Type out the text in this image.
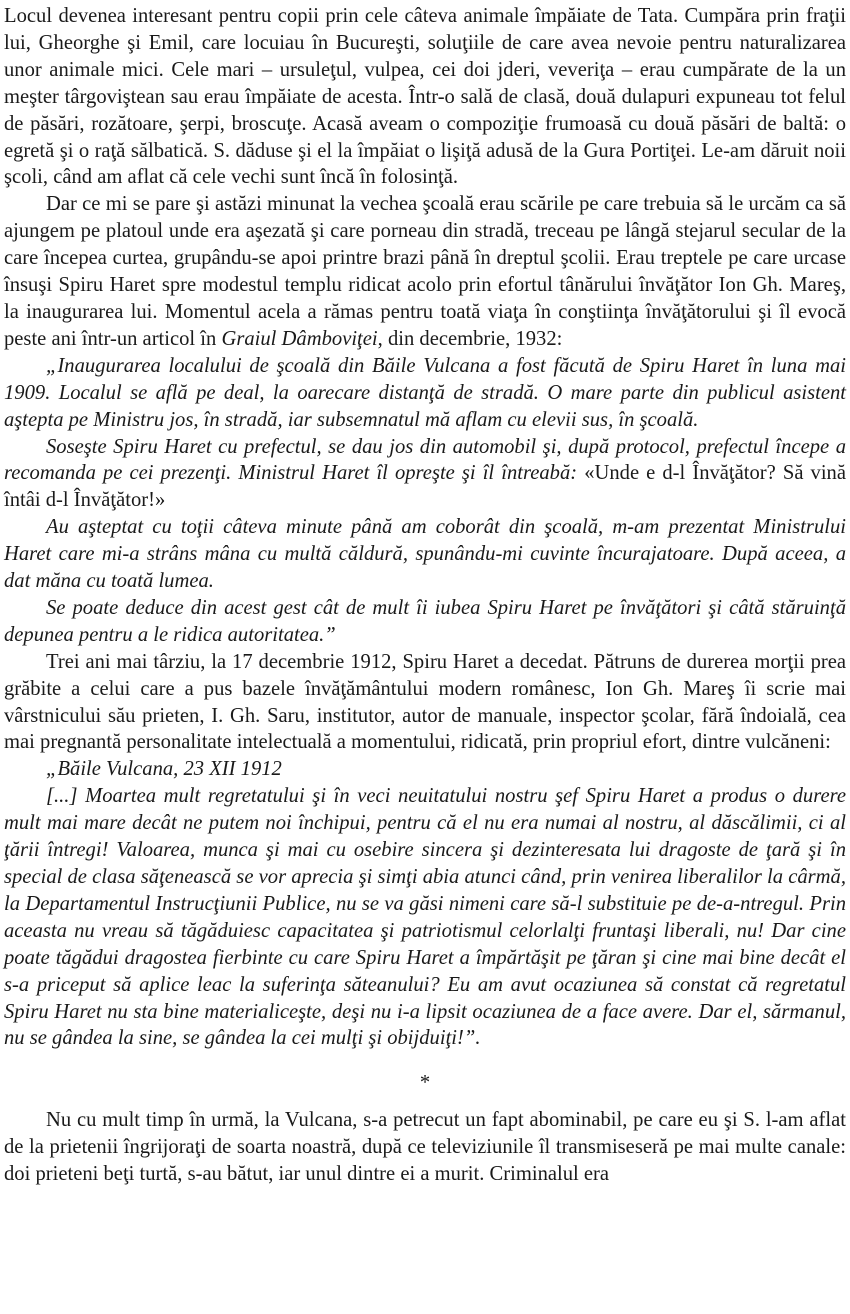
Locul devenea interesant pentru copii prin cele câteva animale împăiate de Tata. Cumpăra prin fraţii lui, Gheorghe şi Emil, care locuiau în Bucureşti, soluţiile de care avea nevoie pentru naturalizarea unor animale mici. Cele mari – ursuleţul, vulpea, cei doi jderi, veveriţa – erau cumpărate de la un meşter târgoviştean sau erau împăiate de acesta. Într-o sală de clasă, două dulapuri expuneau tot felul de păsări, rozătoare, şerpi, broscuţe. Acasă aveam o compoziţie frumoasă cu două păsări de baltă: o egretă şi o raţă sălbatică. S. dăduse şi el la împăiat o lişiţă adusă de la Gura Portiţei. Le-am dăruit noii şcoli, când am aflat că cele vechi sunt încă în folosinţă.

Dar ce mi se pare şi astăzi minunat la vechea şcoală erau scările pe care trebuia să le urcăm ca să ajungem pe platoul unde era aşezată şi care porneau din stradă, treceau pe lângă stejarul secular de la care începea curtea, grupându-se apoi printre brazi până în dreptul şcolii. Erau treptele pe care urcase însuşi Spiru Haret spre modestul templu ridicat acolo prin efortul tânărului învăţător Ion Gh. Mareş, la inaugurarea lui. Momentul acela a rămas pentru toată viaţa în conştiinţa învăţătorului şi îl evocă peste ani într-un articol în Graiul Dâmboviţei, din decembrie, 1932:

„Inaugurarea localului de şcoală din Băile Vulcana a fost făcută de Spiru Haret în luna mai 1909. Localul se află pe deal, la oarecare distanţă de stradă. O mare parte din publicul asistent aştepta pe Ministru jos, în stradă, iar subsemnatul mă aflam cu elevii sus, în şcoală.

Soseşte Spiru Haret cu prefectul, se dau jos din automobil şi, după protocol, prefectul începe a recomanda pe cei prezenţi. Ministrul Haret îl opreşte şi îl întreabă: «Unde e d-l Învăţător? Să vină întâi d-l Învăţător!»

Au aşteptat cu toţii câteva minute până am coborât din şcoală, m-am prezentat Ministrului Haret care mi-a strâns mâna cu multă căldură, spunându-mi cuvinte încurajatoare. După aceea, a dat măna cu toată lumea.

Se poate deduce din acest gest cât de mult îi iubea Spiru Haret pe învăţători şi câtă stăruinţă depunea pentru a le ridica autoritatea.”

Trei ani mai târziu, la 17 decembrie 1912, Spiru Haret a decedat. Pătruns de durerea morţii prea grăbite a celui care a pus bazele învăţământului modern românesc, Ion Gh. Mareş îi scrie mai vârstnicului său prieten, I. Gh. Saru, institutor, autor de manuale, inspector şcolar, fără îndoială, cea mai pregnantă personalitate intelectuală a momentului, ridicată, prin propriul efort, dintre vulcăneni:

„Băile Vulcana, 23 XII 1912

[...] Moartea mult regretatului şi în veci neuitatului nostru şef Spiru Haret a produs o durere mult mai mare decât ne putem noi închipui, pentru că el nu era numai al nostru, al dăscălimii, ci al ţării întregi! Valoarea, munca şi mai cu osebire sincera şi dezinteresata lui dragoste de ţară şi în special de clasa săţenească se vor aprecia şi simţi abia atunci când, prin venirea liberalilor la cârmă, la Departamentul Instrucţiunii Publice, nu se va găsi nimeni care să-l substituie pe de-a-ntregul. Prin aceasta nu vreau să tăgăduiesc capacitatea şi patriotismul celorlalţi fruntaşi liberali, nu! Dar cine poate tăgădui dragostea fierbinte cu care Spiru Haret a împărtăşit pe ţăran şi cine mai bine decât el s-a priceput să aplice leac la suferinţa săteanului? Eu am avut ocaziunea să constat că regretatul Spiru Haret nu sta bine materialiceşte, deşi nu i-a lipsit ocaziunea de a face avere. Dar el, sărmanul, nu se gândea la sine, se gândea la cei mulţi şi obijduiţi!”.

*

Nu cu mult timp în urmă, la Vulcana, s-a petrecut un fapt abominabil, pe care eu şi S. l-am aflat de la prietenii îngrijoraţi de soarta noastră, după ce televiziunile îl transmiseseră pe mai multe canale: doi prieteni beţi turtă, s-au bătut, iar unul dintre ei a murit. Criminalul era
